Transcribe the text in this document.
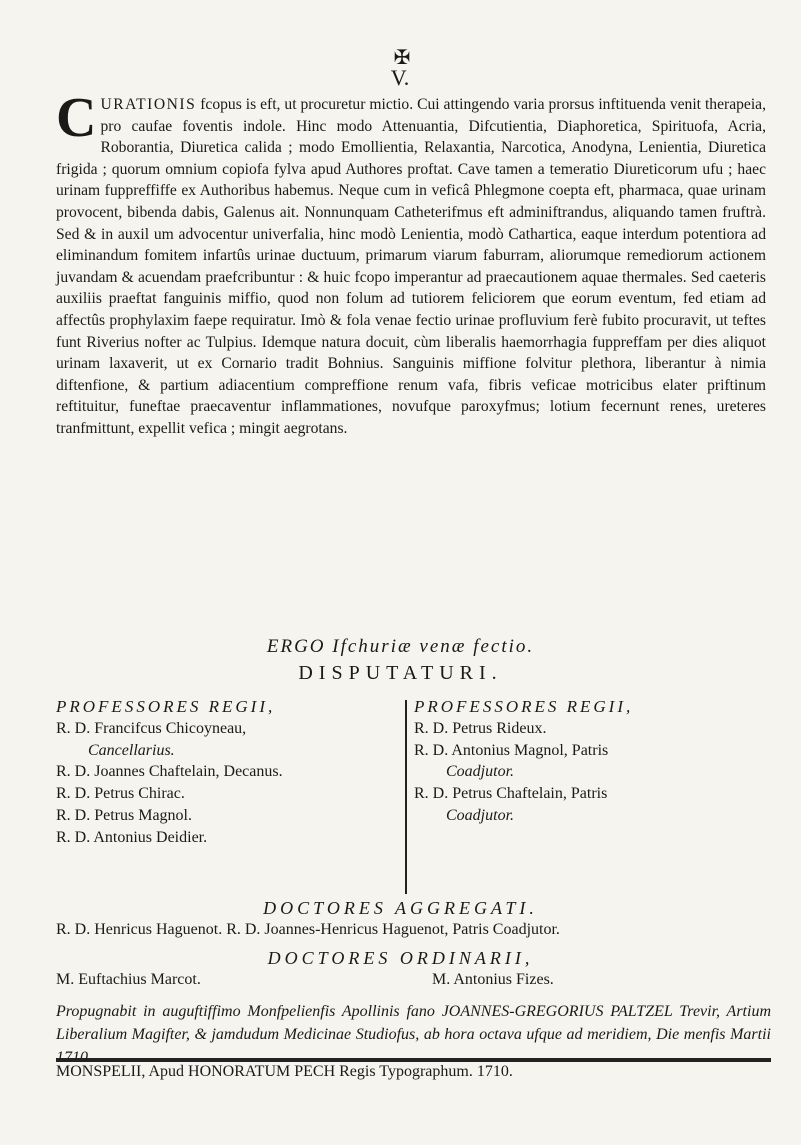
✠
V.

CURATIONIS fcopus is eft, ut procuretur mictio. Cui attingendo varia prorsus inftituenda venit therapeia, pro caufae foventis indole. Hinc modo Attenuantia, Difcutientia, Diaphoretica, Spirituofa, Acria, Roborantia, Diuretica calida ; modo Emollientia, Relaxantia, Narcotica, Anodyna, Lenientia, Diuretica frigida ; quorum omnium copiofa fylva apud Authores proftat. Cave tamen a temeratio Diureticorum ufu ; haec urinam fuppreffiffe ex Authoribus habemus. Neque cum in veficâ Phlegmone coepta eft, pharmaca, quae urinam provocent, bibenda dabis, Galenus ait. Nonnunquam Catheterifmus eft adminiftrandus, aliquando tamen fruftrà. Sed & in auxil um advocentur univerfalia, hinc modò Lenientia, modò Cathartica, eaque interdum potentiora ad eliminandum fomitem infartûs urinae ductuum, primarum viarum faburram, aliorumque remediorum actionem juvandam & acuendam praefcribuntur : & huic fcopo imperantur ad praecautionem aquae thermales. Sed caeteris auxiliis praeftat fanguinis miffio, quod non folum ad tutiorem feliciorem que eorum eventum, fed etiam ad affectûs prophylaxim faepe requiratur. Imò & fola venae fectio urinae profluvium ferè fubito procuravit, ut teftes funt Riverius nofter ac Tulpius. Idemque natura docuit, cùm liberalis haemorrhagia fuppreffam per dies aliquot urinam laxaverit, ut ex Cornario tradit Bohnius. Sanguinis miffione folvitur plethora, liberantur à nimia diftenfione, & partium adiacentium compreffione renum vafa, fibris veficae motricibus elater priftinum reftituitur, funeftae praecaventur inflammationes, novufque paroxyfmus; lotium fecernunt renes, ureteres tranfmittunt, expellit vefica ; mingit aegrotans.

ERGO Ifchuriæ venæ fectio.
DISPUTATURI.
PROFESSORES REGII,
R. D. Francifcus Chicoyneau,
Cancellarius.
R. D. Joannes Chaftelain, Decanus.
R. D. Petrus Chirac.
R. D. Petrus Magnol.
R. D. Antonius Deidier.
PROFESSORES REGII,
R. D. Petrus Rideux.
R. D. Antonius Magnol, Patris
Coadjutor.
R. D. Petrus Chaftelain, Patris
Coadjutor.
DOCTORES AGGREGATI.
R. D. Henricus Haguenot. R. D. Joannes-Henricus Haguenot, Patris Coadjutor.
DOCTORES ORDINARII,
M. Euftachius Marcot.	M. Antonius Fizes.

Propugnabit in auguftiffimo Monfpelienfis Apollinis fano JOANNES-GREGORIUS PALTZEL Trevir, Artium Liberalium Magifter, & jamdudum Medicinae Studiofus, ab hora octava ufque ad meridiem, Die menfis Martii

MONSPELII, Apud HONORATUM PECH Regis Typographum. 1710.
